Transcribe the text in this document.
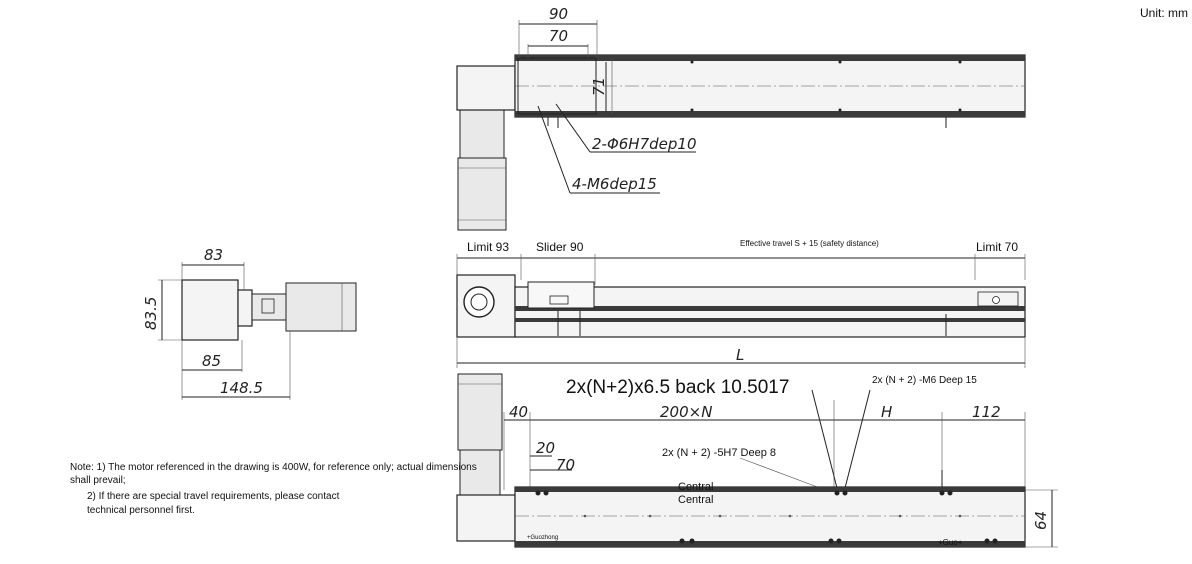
Unit: mm
90
70
71
2-Φ6H7dep10
4-M6dep15
Limit 93 Slider 90	Effective travel S + 15 (safety distance)	Limit 70
L
83
83.5
85
148.5	2x(N+2)x6.5 back 10.5017	2x (N + 2) -M6 Deep 15
2x (N + 2) -5H7 Deep 8
40	200×N	H	112
20
70
Central
Central
+Guozhong	+Guo+
64
Note: 1) The motor referenced in the drawing is 400W, for reference only; actual dimensions
shall prevail;
2) If there are special travel requirements, please contact
technical personnel first.
